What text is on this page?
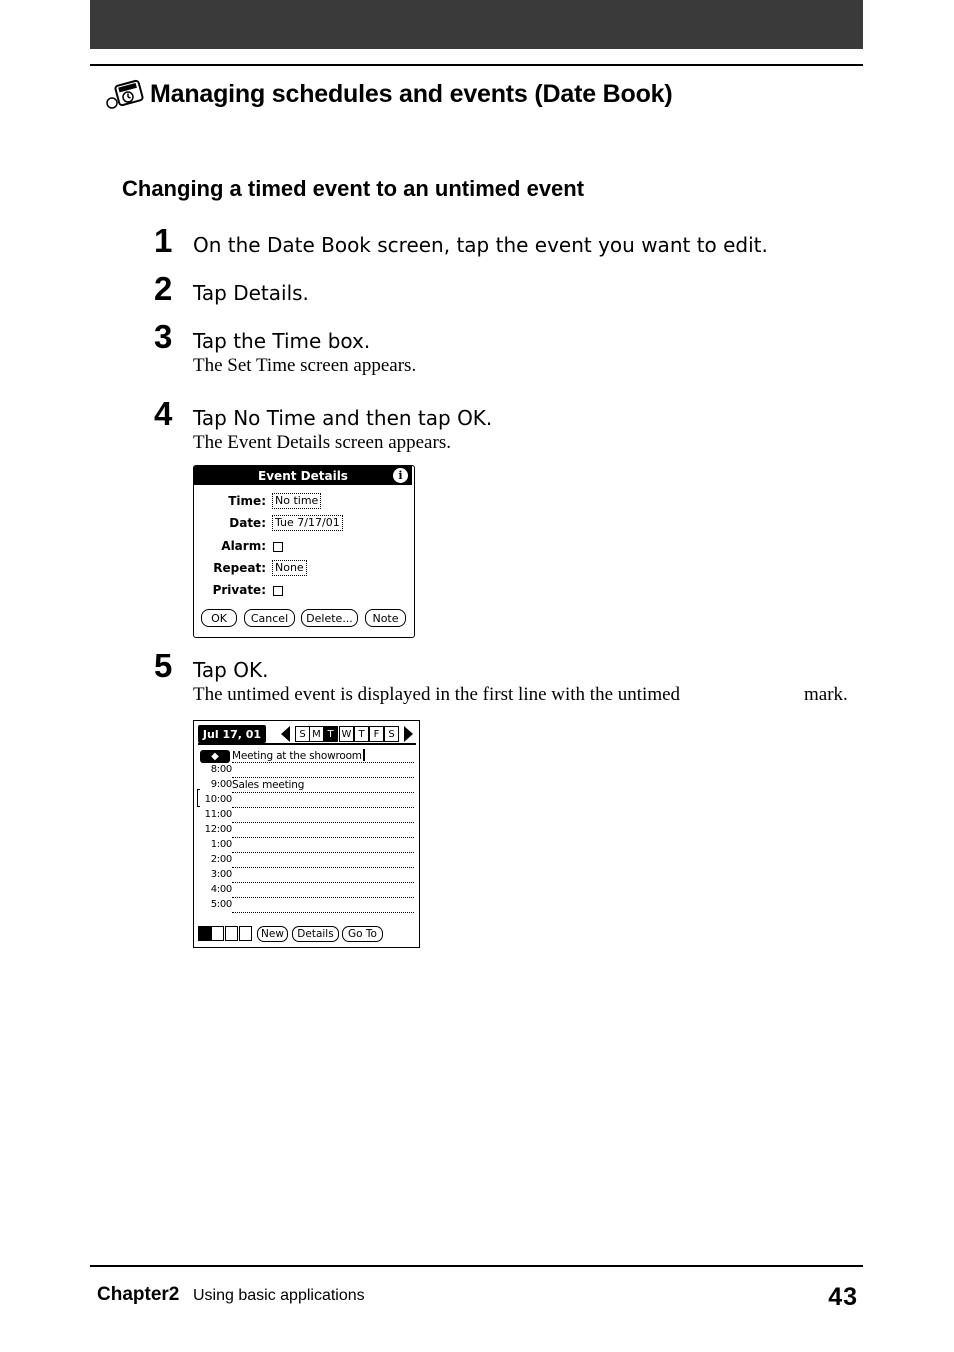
Managing schedules and events (Date Book)
Changing a timed event to an untimed event
1	On the Date Book screen, tap the event you want to edit.
2	Tap Details.
3	Tap the Time box.
The Set Time screen appears.
4	Tap No Time and then tap OK.
The Event Details screen appears.
Event Details	i
Time: No time
Date: Tue 7/17/01
Alarm:
Repeat: None
Private:
OK	Cancel	Delete...	Note
5	Tap OK.
The untimed event is displayed in the first line with the untimed	mark.
Jul 17, 01	S M T W T F S
◆	Meeting at the showroom
8:00
9:00 Sales meeting
10:00
11:00
12:00
1:00
2:00
3:00
4:00
5:00
New	Details	Go To
Chapter2 Using basic applications	43
